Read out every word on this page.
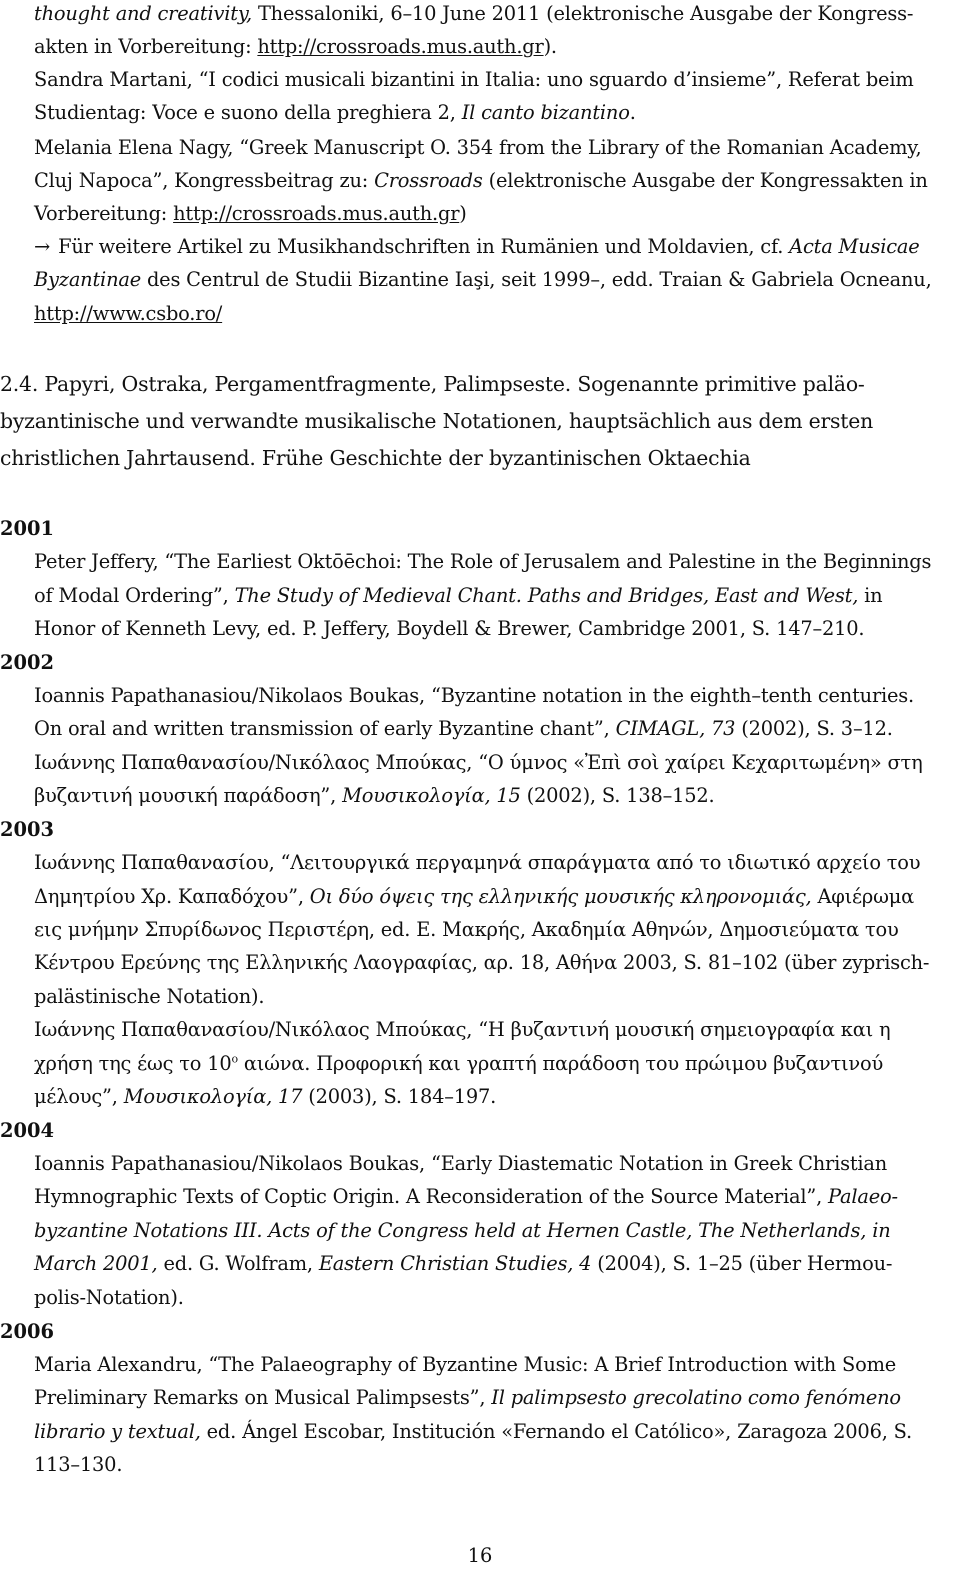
thought and creativity, Thessaloniki, 6–10 June 2011 (elektronische Ausgabe der Kongress-
akten in Vorbereitung: http://crossroads.mus.auth.gr).
Sandra Martani, “I codici musicali bizantini in Italia: uno sguardo d’insieme”, Referat beim
Studientag: Voce e suono della preghiera 2, Il canto bizantino.
Melania Elena Nagy, “Greek Manuscript O. 354 from the Library of the Romanian Academy,
Cluj Napoca”, Kongressbeitrag zu: Crossroads (elektronische Ausgabe der Kongressakten in
Vorbereitung: http://crossroads.mus.auth.gr)
→ Für weitere Artikel zu Musikhandschriften in Rumänien und Moldavien, cf. Acta Musicae
Byzantinae des Centrul de Studii Bizantine Iaşi, seit 1999–, edd. Traian & Gabriela Ocneanu,
http://www.csbo.ro/
2.4. Papyri, Ostraka, Pergamentfragmente, Palimpseste. Sogenannte primitive paläo-
byzantinische und verwandte musikalische Notationen, hauptsächlich aus dem ersten
christlichen Jahrtausend. Frühe Geschichte der byzantinischen Oktaechia
2001
Peter Jeffery, “The Earliest Oktōēchoi: The Role of Jerusalem and Palestine in the Beginnings
of Modal Ordering”, The Study of Medieval Chant. Paths and Bridges, East and West, in
Honor of Kenneth Levy, ed. P. Jeffery, Boydell & Brewer, Cambridge 2001, S. 147–210.
2002
Ioannis Papathanasiou/Nikolaos Boukas, “Byzantine notation in the eighth–tenth centuries.
On oral and written transmission of early Byzantine chant”, CIMAGL, 73 (2002), S. 3–12.
Ιωάννης Παπαθανασίου/Νικόλαος Μπούκας, “Ο ύμνος «Ἐπὶ σοὶ χαίρει Κεχαριτωμένη» στη
βυζαντινή μουσική παράδοση”, Μουσικολογία, 15 (2002), S. 138–152.
2003
Ιωάννης Παπαθανασίου, “Λειτουργικά περγαμηνά σπαράγματα από το ιδιωτικό αρχείο του
Δημητρίου Χρ. Καπαδόχου”, Οι δύο όψεις της ελληνικής μουσικής κληρονομιάς, Αφιέρωμα
εις μνήμην Σπυρίδωνος Περιστέρη, ed. Ε. Μακρής, Ακαδημία Αθηνών, Δημοσιεύματα του
Κέντρου Ερεύνης της Ελληνικής Λαογραφίας, αρ. 18, Αθήνα 2003, S. 81–102 (über zyprisch-
palästinische Notation).
Ιωάννης Παπαθανασίου/Νικόλαος Μπούκας, “Η βυζαντινή μουσική σημειογραφία και η
χρήση της έως το $10^o$ αιώνα. Προφορική και γραπτή παράδοση του πρώιμου βυζαντινού
μέλους”, Μουσικολογία, 17 (2003), S. 184–197.
2004
Ioannis Papathanasiou/Nikolaos Boukas, “Early Diastematic Notation in Greek Christian
Hymnographic Texts of Coptic Origin. A Reconsideration of the Source Material”, Palaeo-
byzantine Notations III. Acts of the Congress held at Hernen Castle, The Netherlands, in
March 2001, ed. G. Wolfram, Eastern Christian Studies, 4 (2004), S. 1–25 (über Hermou-
polis-Notation).
2006
Maria Alexandru, “The Palaeography of Byzantine Music: A Brief Introduction with Some
Preliminary Remarks on Musical Palimpsests”, Il palimpsesto grecolatino como fenómeno
librario y textual, ed. Ángel Escobar, Institución «Fernando el Católico», Zaragoza 2006, S.
113–130.
16
